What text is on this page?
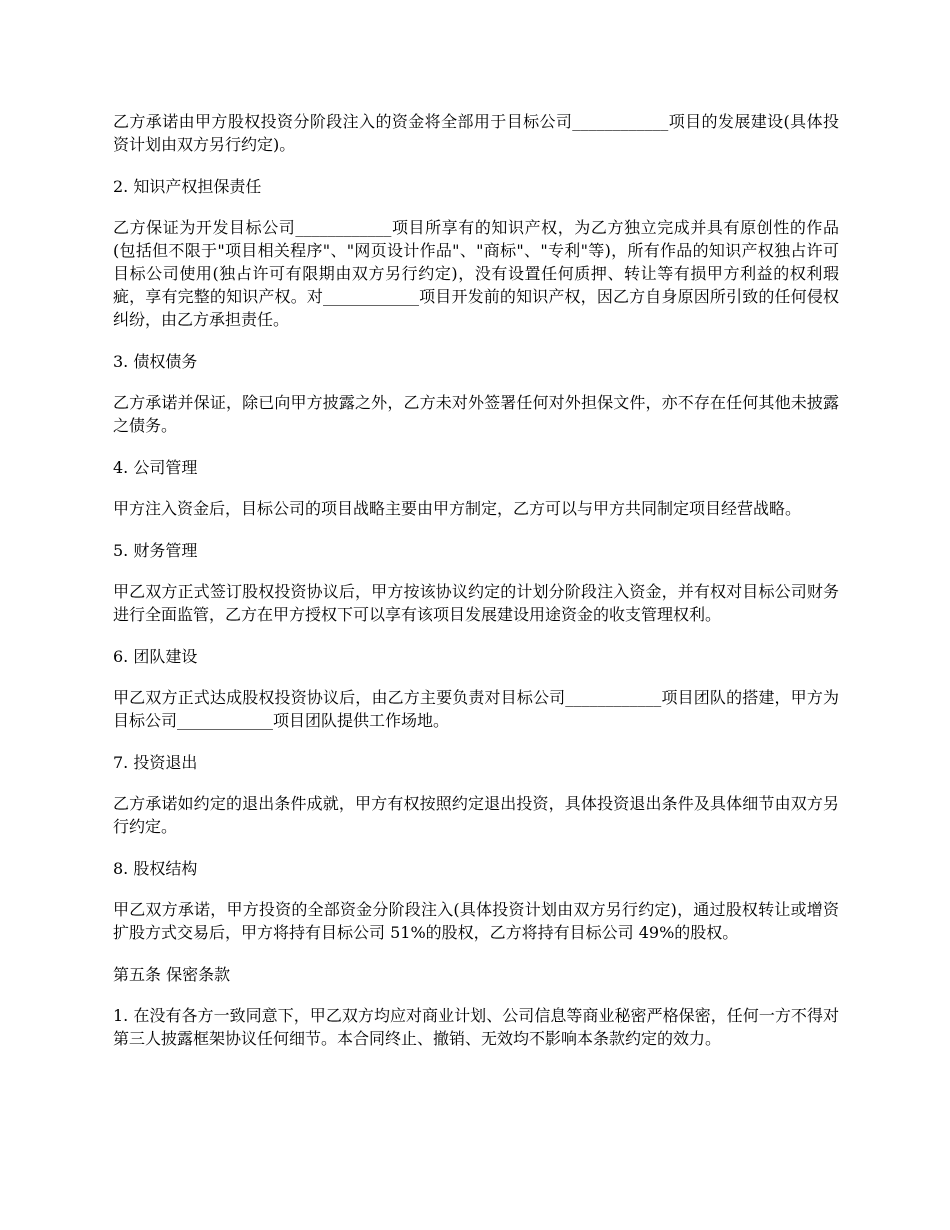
乙方承诺由甲方股权投资分阶段注入的资金将全部用于目标公司____________项目的发展建设(具体投资计划由双方另行约定)。

2. 知识产权担保责任

乙方保证为开发目标公司____________项目所享有的知识产权，为乙方独立完成并具有原创性的作品(包括但不限于"项目相关程序"、"网页设计作品"、"商标"、"专利"等)，所有作品的知识产权独占许可目标公司使用(独占许可有限期由双方另行约定)，没有设置任何质押、转让等有损甲方利益的权利瑕疵，享有完整的知识产权。对____________项目开发前的知识产权，因乙方自身原因所引致的任何侵权纠纷，由乙方承担责任。

3. 债权债务

乙方承诺并保证，除已向甲方披露之外，乙方未对外签署任何对外担保文件，亦不存在任何其他未披露之债务。

4. 公司管理

甲方注入资金后，目标公司的项目战略主要由甲方制定，乙方可以与甲方共同制定项目经营战略。

5. 财务管理

甲乙双方正式签订股权投资协议后，甲方按该协议约定的计划分阶段注入资金，并有权对目标公司财务进行全面监管，乙方在甲方授权下可以享有该项目发展建设用途资金的收支管理权利。

6. 团队建设

甲乙双方正式达成股权投资协议后，由乙方主要负责对目标公司____________项目团队的搭建，甲方为目标公司____________项目团队提供工作场地。

7. 投资退出

乙方承诺如约定的退出条件成就，甲方有权按照约定退出投资，具体投资退出条件及具体细节由双方另行约定。

8. 股权结构

甲乙双方承诺，甲方投资的全部资金分阶段注入(具体投资计划由双方另行约定)，通过股权转让或增资扩股方式交易后，甲方将持有目标公司 51%的股权，乙方将持有目标公司 49%的股权。

第五条 保密条款

1. 在没有各方一致同意下，甲乙双方均应对商业计划、公司信息等商业秘密严格保密，任何一方不得对第三人披露框架协议任何细节。本合同终止、撤销、无效均不影响本条款约定的效力。
